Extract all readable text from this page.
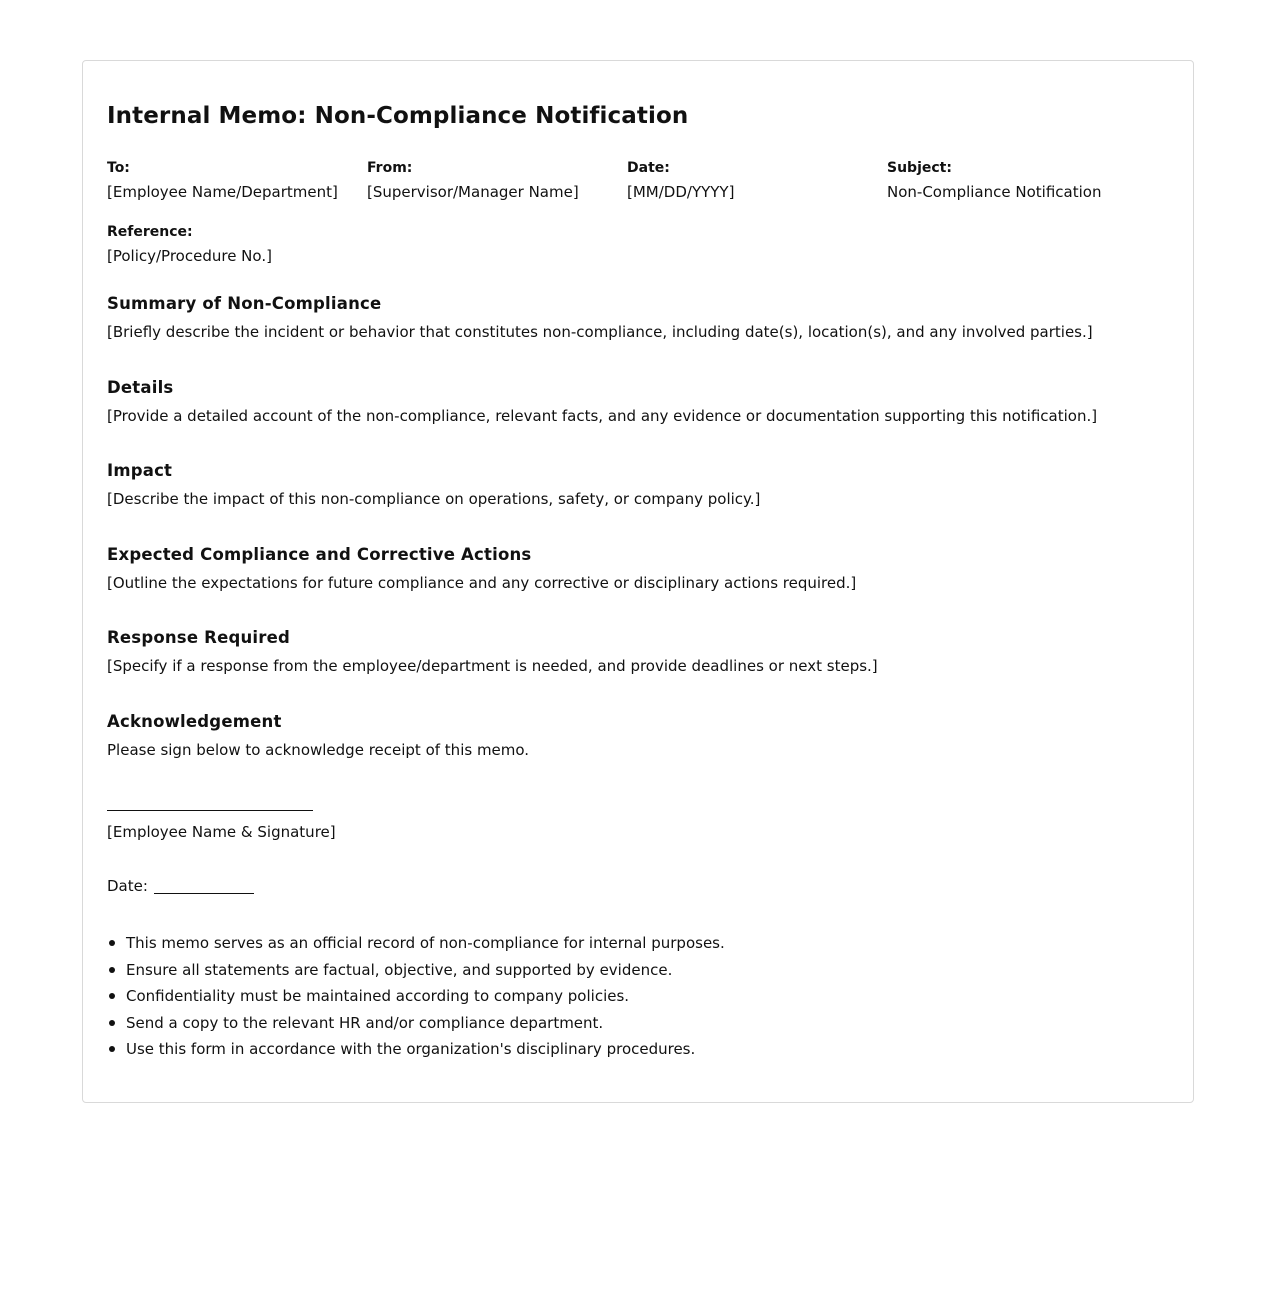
Internal Memo: Non-Compliance Notification
To:
[Employee Name/Department]
From:
[Supervisor/Manager Name]
Date:
[MM/DD/YYYY]
Subject:
Non-Compliance Notification
Reference:
[Policy/Procedure No.]
Summary of Non-Compliance

[Briefly describe the incident or behavior that constitutes non-compliance, including date(s), location(s), and any involved parties.]

Details

[Provide a detailed account of the non-compliance, relevant facts, and any evidence or documentation supporting this notification.]

Impact

[Describe the impact of this non-compliance on operations, safety, or company policy.]

Expected Compliance and Corrective Actions

[Outline the expectations for future compliance and any corrective or disciplinary actions required.]

Response Required

[Specify if a response from the employee/department is needed, and provide deadlines or next steps.]

Acknowledgement

Please sign below to acknowledge receipt of this memo.

[Employee Name & Signature]
Date:
This memo serves as an official record of non-compliance for internal purposes.
Ensure all statements are factual, objective, and supported by evidence.
Confidentiality must be maintained according to company policies.
Send a copy to the relevant HR and/or compliance department.
Use this form in accordance with the organization's disciplinary procedures.
